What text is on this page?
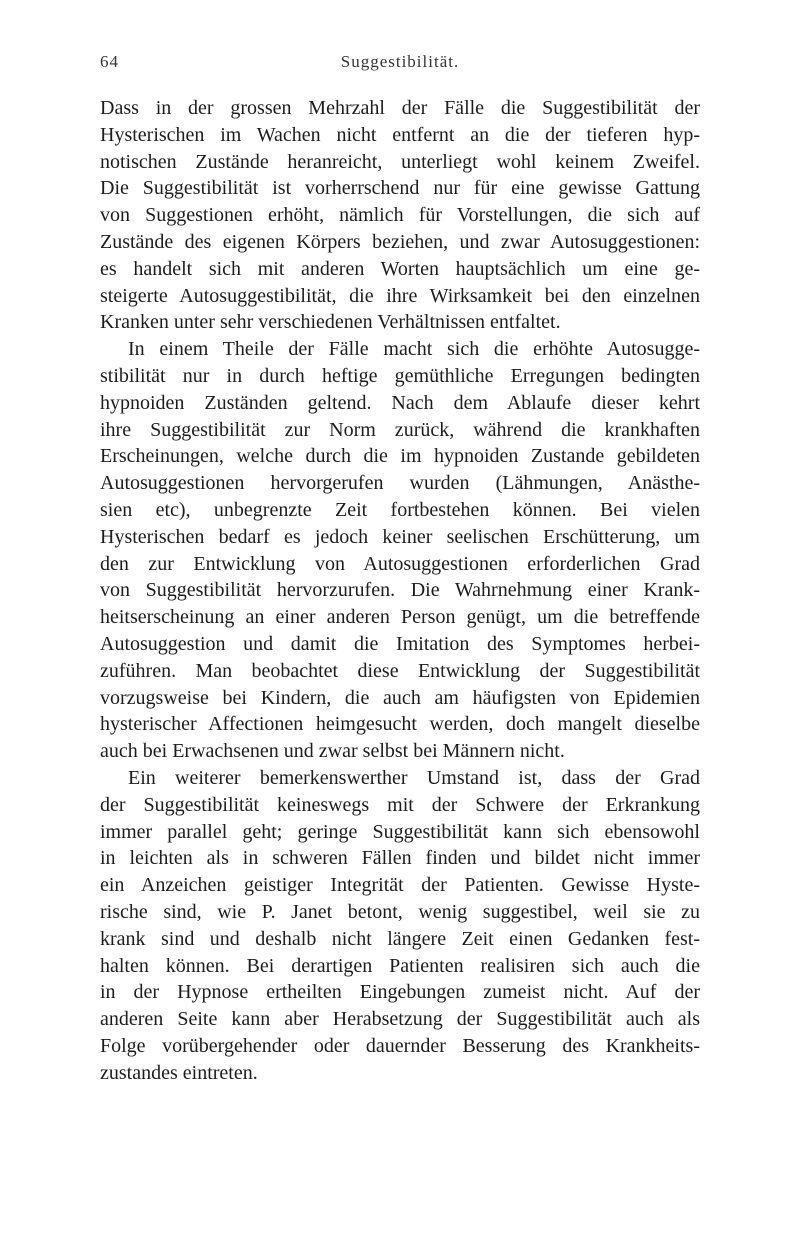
64	Suggestibilität.
Dass in der grossen Mehrzahl der Fälle die Suggestibilität der
Hysterischen im Wachen nicht entfernt an die der tieferen hyp-
notischen Zustände heranreicht, unterliegt wohl keinem Zweifel.
Die Suggestibilität ist vorherrschend nur für eine gewisse Gattung
von Suggestionen erhöht, nämlich für Vorstellungen, die sich auf
Zustände des eigenen Körpers beziehen, und zwar Autosuggestionen:
es handelt sich mit anderen Worten hauptsächlich um eine ge-
steigerte Autosuggestibilität, die ihre Wirksamkeit bei den einzelnen
Kranken unter sehr verschiedenen Verhältnissen entfaltet.
In einem Theile der Fälle macht sich die erhöhte Autosugge-
stibilität nur in durch heftige gemüthliche Erregungen bedingten
hypnoiden Zuständen geltend. Nach dem Ablaufe dieser kehrt
ihre Suggestibilität zur Norm zurück, während die krankhaften
Erscheinungen, welche durch die im hypnoiden Zustande gebildeten
Autosuggestionen hervorgerufen wurden (Lähmungen, Anästhe-
sien etc), unbegrenzte Zeit fortbestehen können. Bei vielen
Hysterischen bedarf es jedoch keiner seelischen Erschütterung, um
den zur Entwicklung von Autosuggestionen erforderlichen Grad
von Suggestibilität hervorzurufen. Die Wahrnehmung einer Krank-
heitserscheinung an einer anderen Person genügt, um die betreffende
Autosuggestion und damit die Imitation des Symptomes herbei-
zuführen. Man beobachtet diese Entwicklung der Suggestibilität
vorzugsweise bei Kindern, die auch am häufigsten von Epidemien
hysterischer Affectionen heimgesucht werden, doch mangelt dieselbe
auch bei Erwachsenen und zwar selbst bei Männern nicht.
Ein weiterer bemerkenswerther Umstand ist, dass der Grad
der Suggestibilität keineswegs mit der Schwere der Erkrankung
immer parallel geht; geringe Suggestibilität kann sich ebensowohl
in leichten als in schweren Fällen finden und bildet nicht immer
ein Anzeichen geistiger Integrität der Patienten. Gewisse Hyste-
rische sind, wie P. Janet betont, wenig suggestibel, weil sie zu
krank sind und deshalb nicht längere Zeit einen Gedanken fest-
halten können. Bei derartigen Patienten realisiren sich auch die
in der Hypnose ertheilten Eingebungen zumeist nicht. Auf der
anderen Seite kann aber Herabsetzung der Suggestibilität auch als
Folge vorübergehender oder dauernder Besserung des Krankheits-
zustandes eintreten.
